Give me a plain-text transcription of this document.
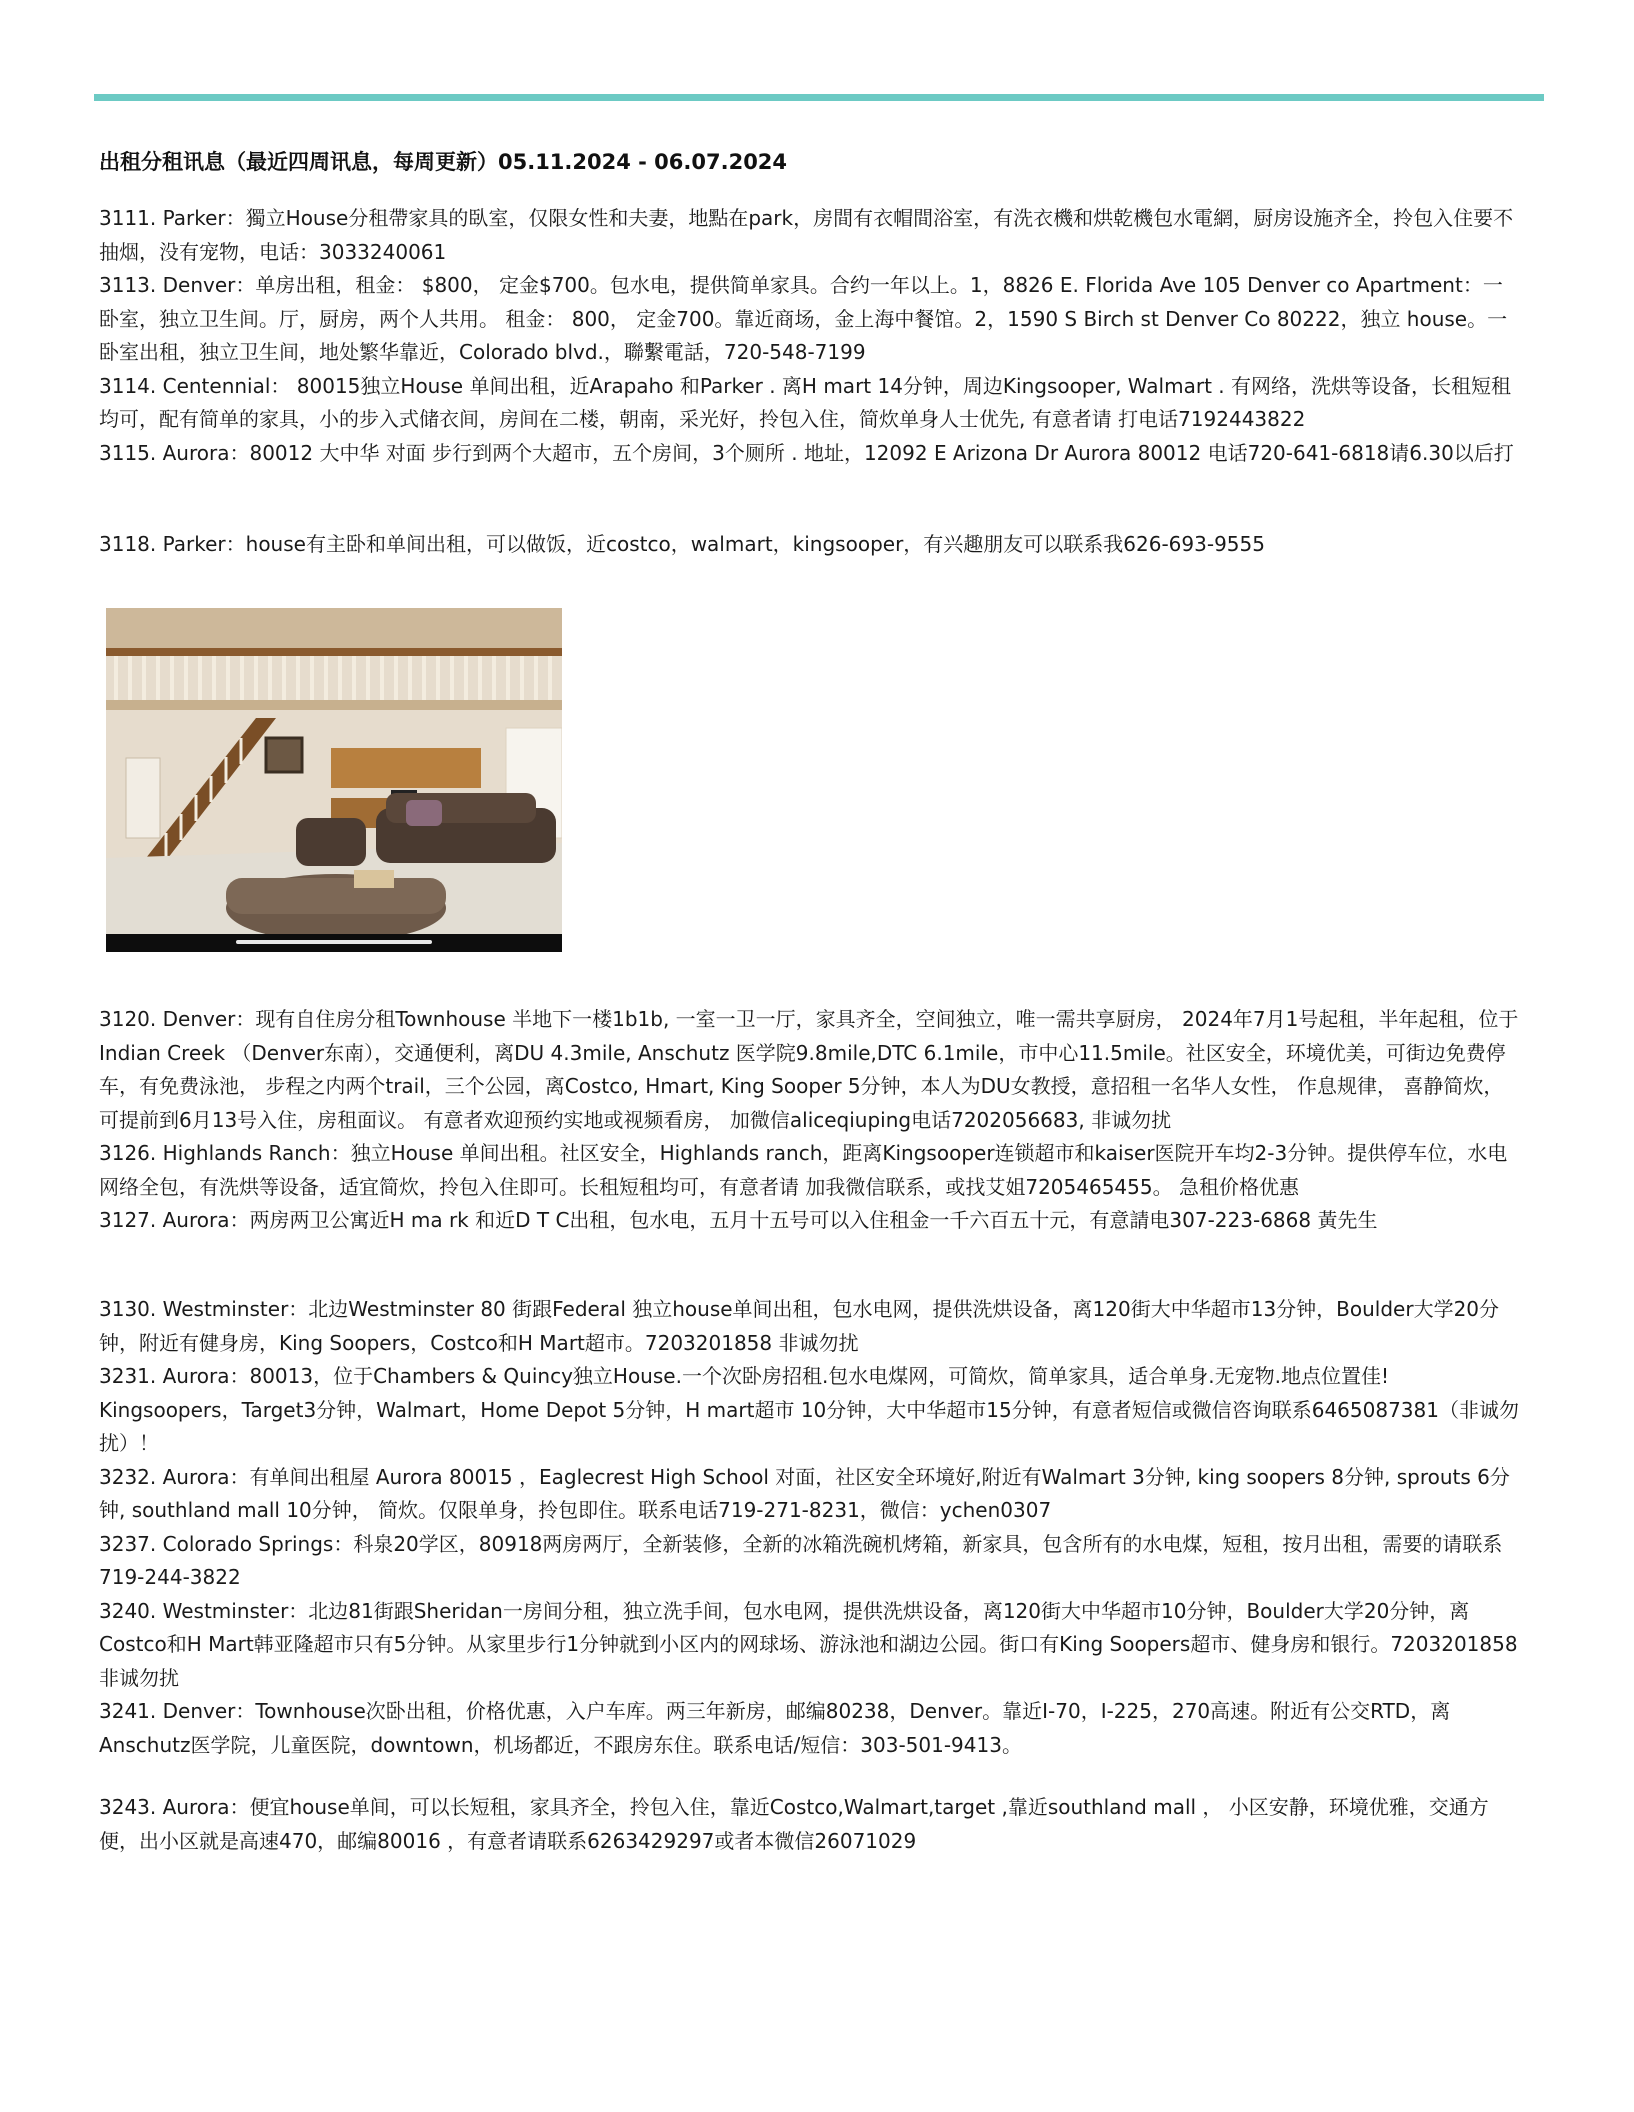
出租分租讯息（最近四周讯息，每周更新）05.11.2024 - 06.07.2024

3111. Parker：獨立House分租帶家具的臥室，仅限女性和夫妻，地點在park，房間有衣帽間浴室，有洗衣機和烘乾機包水電網，厨房设施齐全，拎包入住要不抽烟，没有宠物，电话：3033240061

3113. Denver：单房出租，租金： $800， 定金$700。包水电，提供简单家具。合约一年以上。1，8826 E. Florida Ave 105 Denver co Apartment：一卧室，独立卫生间。厅，厨房，两个人共用。 租金： 800， 定金700。靠近商场，金上海中餐馆。2，1590 S Birch st Denver Co 80222，独立 house。一卧室出租，独立卫生间，地处繁华靠近，Colorado blvd.，聯繫電話，720-548-7199

3114. Centennial： 80015独立House 单间出租，近Arapaho 和Parker . 离H mart 14分钟，周边Kingsooper, Walmart . 有网络，洗烘等设备，长租短租均可，配有简单的家具，小的步入式储衣间，房间在二楼，朝南，采光好，拎包入住，简炊单身人士优先, 有意者请 打电话7192443822

3115. Aurora：80012 大中华 对面 步行到两个大超市，五个房间，3个厕所 . 地址，12092 E Arizona Dr Aurora 80012 电话720-641-6818请6.30以后打

3118. Parker：house有主卧和单间出租，可以做饭，近costco，walmart，kingsooper，有兴趣朋友可以联系我626-693-9555

3120. Denver：现有自住房分租Townhouse 半地下一楼1b1b, 一室一卫一厅，家具齐全，空间独立，唯一需共享厨房， 2024年7月1号起租，半年起租，位于Indian Creek （Denver东南），交通便利，离DU 4.3mile, Anschutz 医学院9.8mile,DTC 6.1mile，市中心11.5mile。社区安全，环境优美，可街边免费停车，有免费泳池， 步程之内两个trail，三个公园，离Costco, Hmart, King Sooper 5分钟，本人为DU女教授，意招租一名华人女性， 作息规律， 喜静简炊，可提前到6月13号入住，房租面议。 有意者欢迎预约实地或视频看房， 加微信aliceqiuping电话7202056683, 非诚勿扰

3126. Highlands Ranch：独立House 单间出租。社区安全，Highlands ranch，距离Kingsooper连锁超市和kaiser医院开车均2-3分钟。提供停车位，水电网络全包，有洗烘等设备，适宜简炊，拎包入住即可。长租短租均可，有意者请 加我微信联系，或找艾姐7205465455。 急租价格优惠

3127. Aurora：两房两卫公寓近H ma rk 和近D T C出租，包水电，五月十五号可以入住租金一千六百五十元，有意請电307-223-6868 黃先生

3130. Westminster：北边Westminster 80 街跟Federal 独立house单间出租，包水电网，提供洗烘设备，离120街大中华超市13分钟，Boulder大学20分钟，附近有健身房，King Soopers，Costco和H Mart超市。7203201858 非诚勿扰

3231. Aurora：80013，位于Chambers & Quincy独立House.一个次卧房招租.包水电煤网，可简炊，简单家具，适合单身.无宠物.地点位置佳! Kingsoopers，Target3分钟，Walmart，Home Depot 5分钟，H mart超市 10分钟，大中华超市15分钟，有意者短信或微信咨询联系6465087381（非诚勿扰）！

3232. Aurora：有单间出租屋 Aurora 80015 ，Eaglecrest High School 对面，社区安全环境好,附近有Walmart 3分钟, king soopers 8分钟, sprouts 6分钟, southland mall 10分钟， 简炊。仅限单身，拎包即住。联系电话719-271-8231，微信：ychen0307

3237. Colorado Springs：科泉20学区，80918两房两厅，全新装修，全新的冰箱洗碗机烤箱，新家具，包含所有的水电煤，短租，按月出租，需要的请联系719-244-3822

3240. Westminster：北边81街跟Sheridan一房间分租，独立洗手间，包水电网，提供洗烘设备，离120街大中华超市10分钟，Boulder大学20分钟，离Costco和H Mart韩亚隆超市只有5分钟。从家里步行1分钟就到小区内的网球场、游泳池和湖边公园。街口有King Soopers超市、健身房和银行。7203201858 非诚勿扰

3241. Denver：Townhouse次卧出租，价格优惠，入户车库。两三年新房，邮编80238，Denver。靠近I-70，I-225，270高速。附近有公交RTD，离Anschutz医学院，儿童医院，downtown，机场都近，不跟房东住。联系电话/短信：303-501-9413。

3243. Aurora：便宜house单间，可以长短租，家具齐全，拎包入住，靠近Costco,Walmart,target ,靠近southland mall ， 小区安静，环境优雅，交通方便，出小区就是高速470，邮编80016 ，有意者请联系6263429297或者本微信26071029
